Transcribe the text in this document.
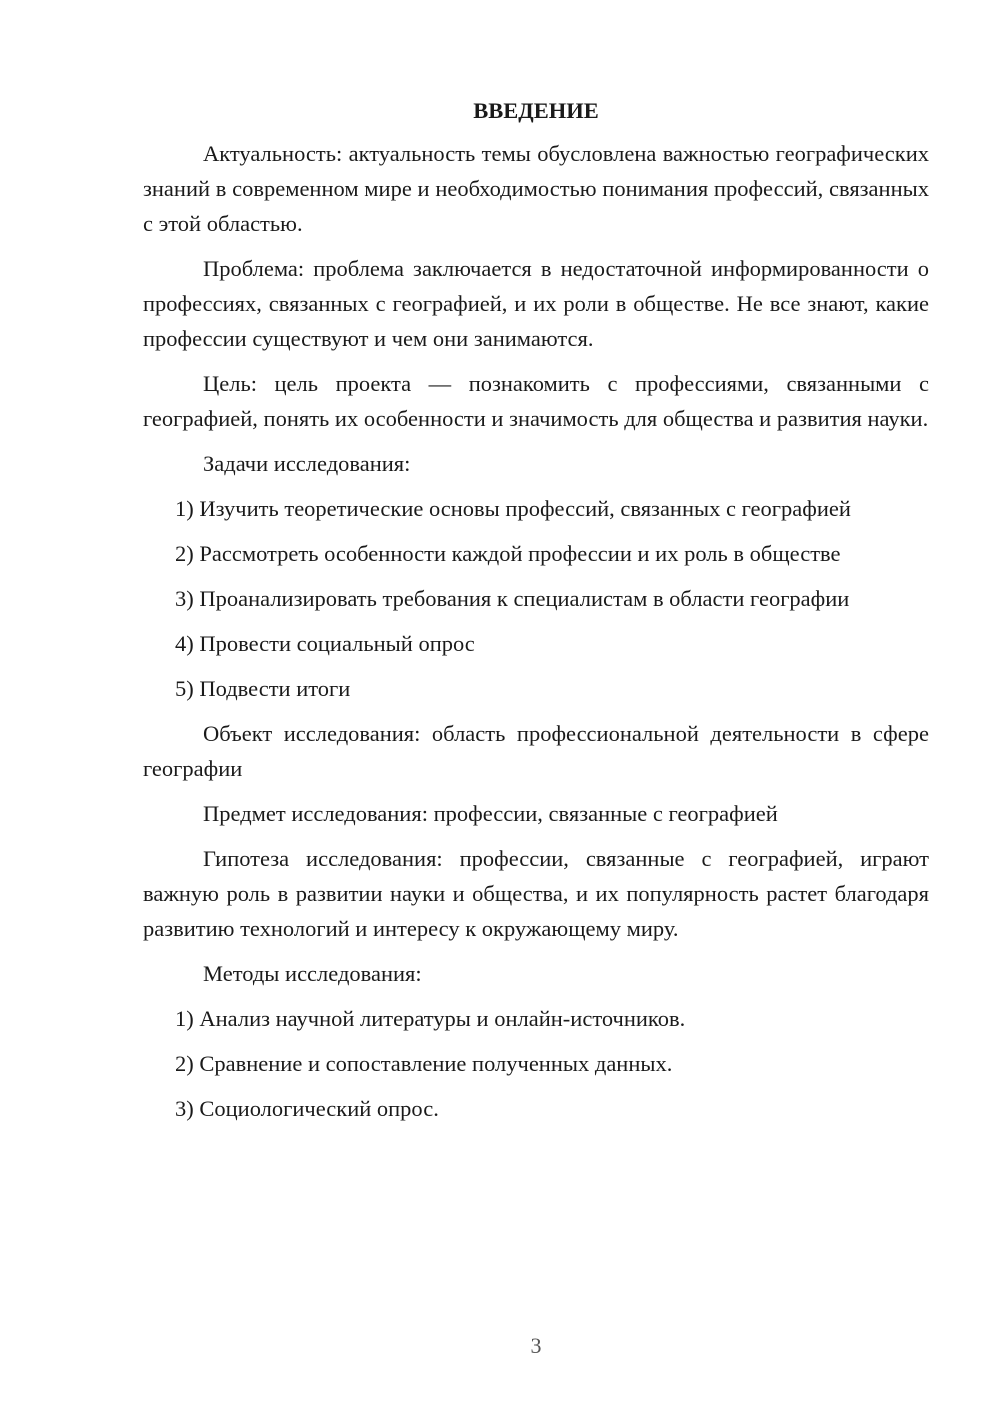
ВВЕДЕНИЕ

Актуальность: актуальность темы обусловлена важностью географических знаний в современном мире и необходимостью понимания профессий, связанных с этой областью.

Проблема: проблема заключается в недостаточной информированности о профессиях, связанных с географией, и их роли в обществе. Не все знают, какие профессии существуют и чем они занимаются.

Цель: цель проекта — познакомить с профессиями, связанными с географией, понять их особенности и значимость для общества и развития науки.

Задачи исследования:

1) Изучить теоретические основы профессий, связанных с географией

2) Рассмотреть особенности каждой профессии и их роль в обществе

3) Проанализировать требования к специалистам в области географии

4) Провести социальный опрос

5) Подвести итоги

Объект исследования: область профессиональной деятельности в сфере географии

Предмет исследования: профессии, связанные с географией

Гипотеза исследования: профессии, связанные с географией, играют важную роль в развитии науки и общества, и их популярность растет благодаря развитию технологий и интересу к окружающему миру.

Методы исследования:

1) Анализ научной литературы и онлайн-источников.

2) Сравнение и сопоставление полученных данных.

3) Социологический опрос.

3
